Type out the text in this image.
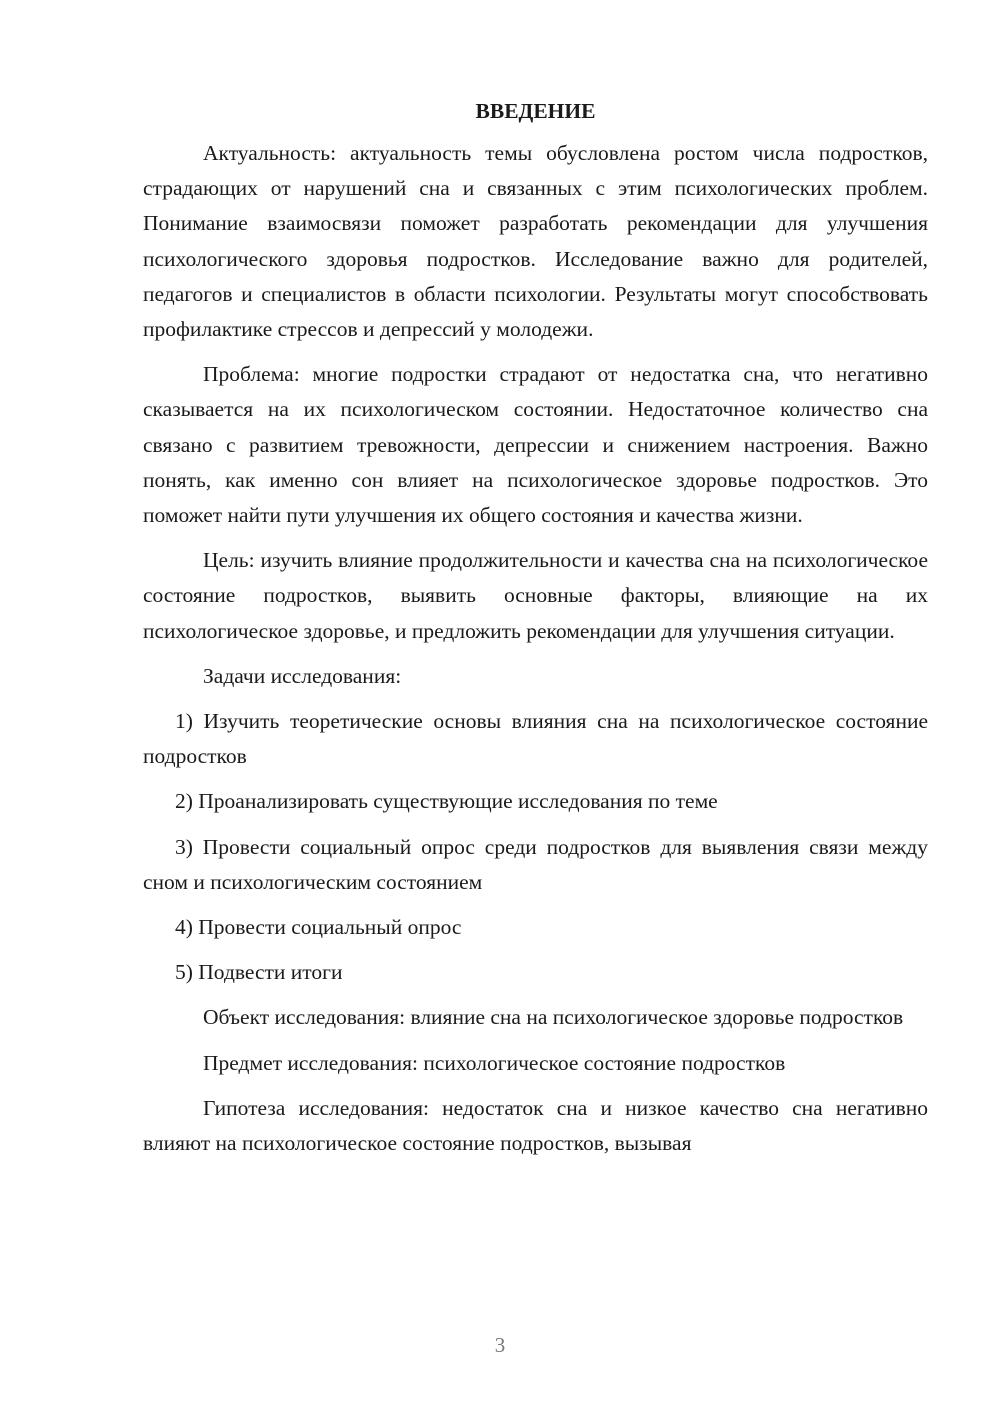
ВВЕДЕНИЕ

Актуальность: актуальность темы обусловлена ростом числа подростков, страдающих от нарушений сна и связанных с этим психологических проблем. Понимание взаимосвязи поможет разработать рекомендации для улучшения психологического здоровья подростков. Исследование важно для родителей, педагогов и специалистов в области психологии. Результаты могут способствовать профилактике стрессов и депрессий у молодежи.

Проблема: многие подростки страдают от недостатка сна, что негативно сказывается на их психологическом состоянии. Недостаточное количество сна связано с развитием тревожности, депрессии и снижением настроения. Важно понять, как именно сон влияет на психологическое здоровье подростков. Это поможет найти пути улучшения их общего состояния и качества жизни.

Цель: изучить влияние продолжительности и качества сна на психологическое состояние подростков, выявить основные факторы, влияющие на их психологическое здоровье, и предложить рекомендации для улучшения ситуации.

Задачи исследования:

1) Изучить теоретические основы влияния сна на психологическое состояние подростков

2) Проанализировать существующие исследования по теме

3) Провести социальный опрос среди подростков для выявления связи между сном и психологическим состоянием

4) Провести социальный опрос

5) Подвести итоги

Объект исследования: влияние сна на психологическое здоровье подростков

Предмет исследования: психологическое состояние подростков

Гипотеза исследования: недостаток сна и низкое качество сна негативно влияют на психологическое состояние подростков, вызывая

3
